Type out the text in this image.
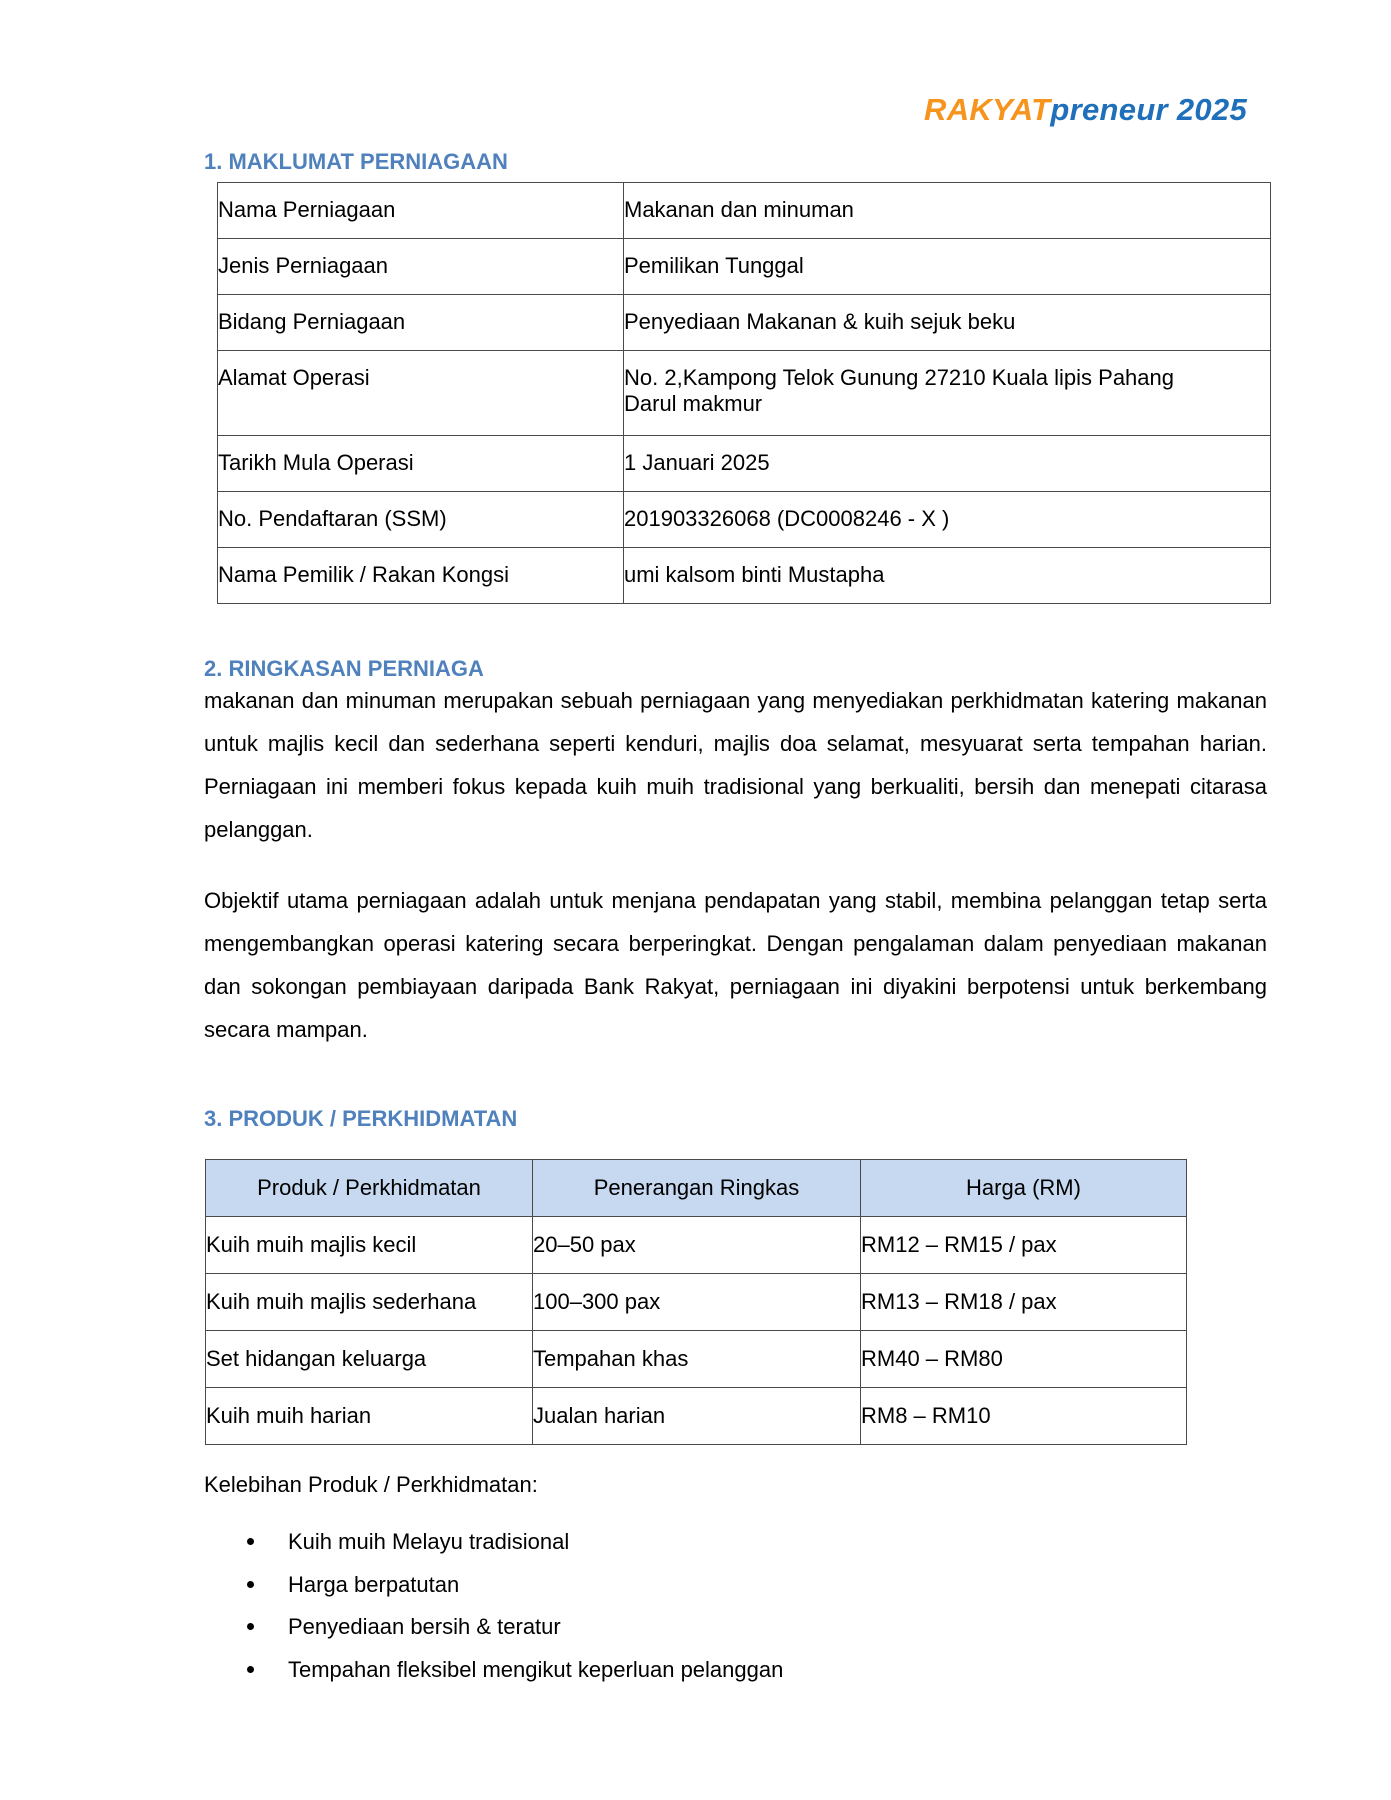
RAKYATpreneur 2025
1. MAKLUMAT PERNIAGAAN
Nama Perniagaan	Makanan dan minuman
Jenis Perniagaan	Pemilikan Tunggal
Bidang Perniagaan	Penyediaan Makanan & kuih sejuk beku
Alamat Operasi	No. 2,Kampong Telok Gunung 27210 Kuala lipis Pahang
Darul makmur

Tarikh Mula Operasi	1 Januari 2025
No. Pendaftaran (SSM)	201903326068 (DC0008246 - X )
Nama Pemilik / Rakan Kongsi	umi kalsom binti Mustapha
2. RINGKASAN PERNIAGA
makanan dan minuman merupakan sebuah perniagaan yang menyediakan perkhidmatan katering makanan untuk majlis kecil dan sederhana seperti kenduri, majlis doa selamat, mesyuarat serta tempahan harian. Perniagaan ini memberi fokus kepada kuih muih tradisional yang berkualiti, bersih dan menepati citarasa pelanggan.
Objektif utama perniagaan adalah untuk menjana pendapatan yang stabil, membina pelanggan tetap serta mengembangkan operasi katering secara berperingkat. Dengan pengalaman dalam penyediaan makanan dan sokongan pembiayaan daripada Bank Rakyat, perniagaan ini diyakini berpotensi untuk berkembang secara mampan.
3. PRODUK / PERKHIDMATAN
Produk / Perkhidmatan	Penerangan Ringkas	Harga (RM)
Kuih muih majlis kecil	20–50 pax	RM12 – RM15 / pax
Kuih muih majlis sederhana	100–300 pax	RM13 – RM18 / pax
Set hidangan keluarga	Tempahan khas	RM40 – RM80
Kuih muih harian	Jualan harian	RM8 – RM10
Kelebihan Produk / Perkhidmatan:
Kuih muih Melayu tradisional
Harga berpatutan
Penyediaan bersih & teratur
Tempahan fleksibel mengikut keperluan pelanggan
